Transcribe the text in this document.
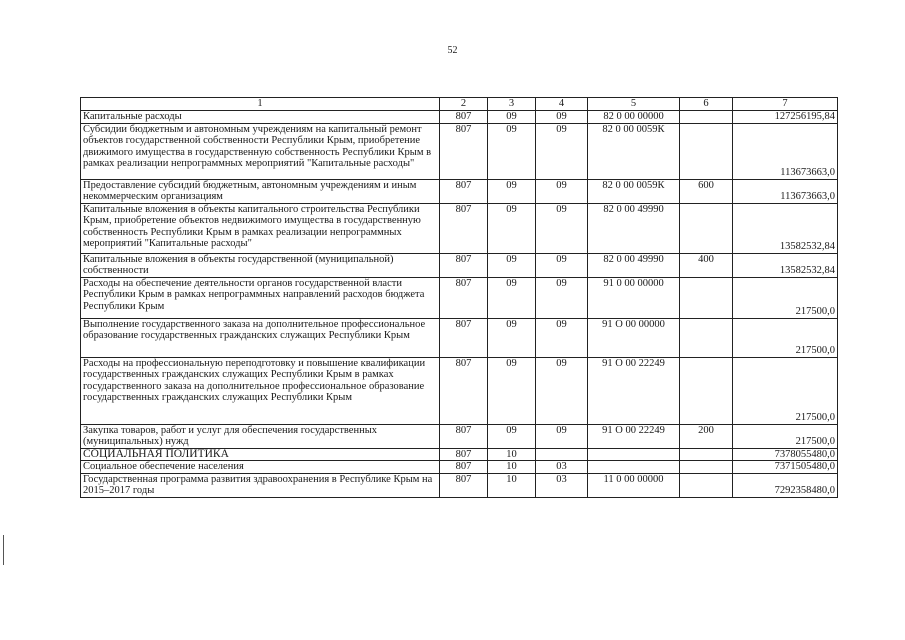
52
1	2	3	4	5	6	7
Капитальные расходы	807	09	09	82 0 00 00000		127256195,84
Субсидии бюджетным и автономным учреждениям на капитальный ремонт объектов государственной собственности Республики Крым, приобретение движимого имущества в государственную собственность Республики Крым в рамках реализации непрограммных мероприятий "Капитальные расходы"	807	09	09	82 0 00 0059К		113673663,0
Предоставление субсидий бюджетным, автономным учреждениям и иным некоммерческим организациям	807	09	09	82 0 00 0059К	600	113673663,0
Капитальные вложения в объекты капитального строительства Республики Крым, приобретение объектов недвижимого имущества в государственную собственность Республики Крым в рамках реализации непрограммных мероприятий "Капитальные расходы"	807	09	09	82 0 00 49990		13582532,84
Капитальные вложения в объекты государственной (муниципальной) собственности	807	09	09	82 0 00 49990	400	13582532,84
Расходы на обеспечение деятельности органов государственной власти Республики Крым в рамках непрограммных направлений расходов бюджета Республики Крым	807	09	09	91 0 00 00000		217500,0
Выполнение государственного заказа на дополнительное профессиональное образование государственных гражданских служащих Республики Крым	807	09	09	91 О 00 00000		217500,0
Расходы на профессиональную переподготовку и повышение квалификации государственных гражданских служащих Республики Крым в рамках государственного заказа на дополнительное профессиональное образование государственных гражданских служащих Республики Крым	807	09	09	91 О 00 22249		217500,0
Закупка товаров, работ и услуг для обеспечения государственных (муниципальных) нужд	807	09	09	91 О 00 22249	200	217500,0
СОЦИАЛЬНАЯ ПОЛИТИКА	807	10				7378055480,0
Социальное обеспечение населения	807	10	03			7371505480,0
Государственная программа развития здравоохранения в Республике Крым на 2015–2017 годы	807	10	03	11 0 00 00000		7292358480,0
